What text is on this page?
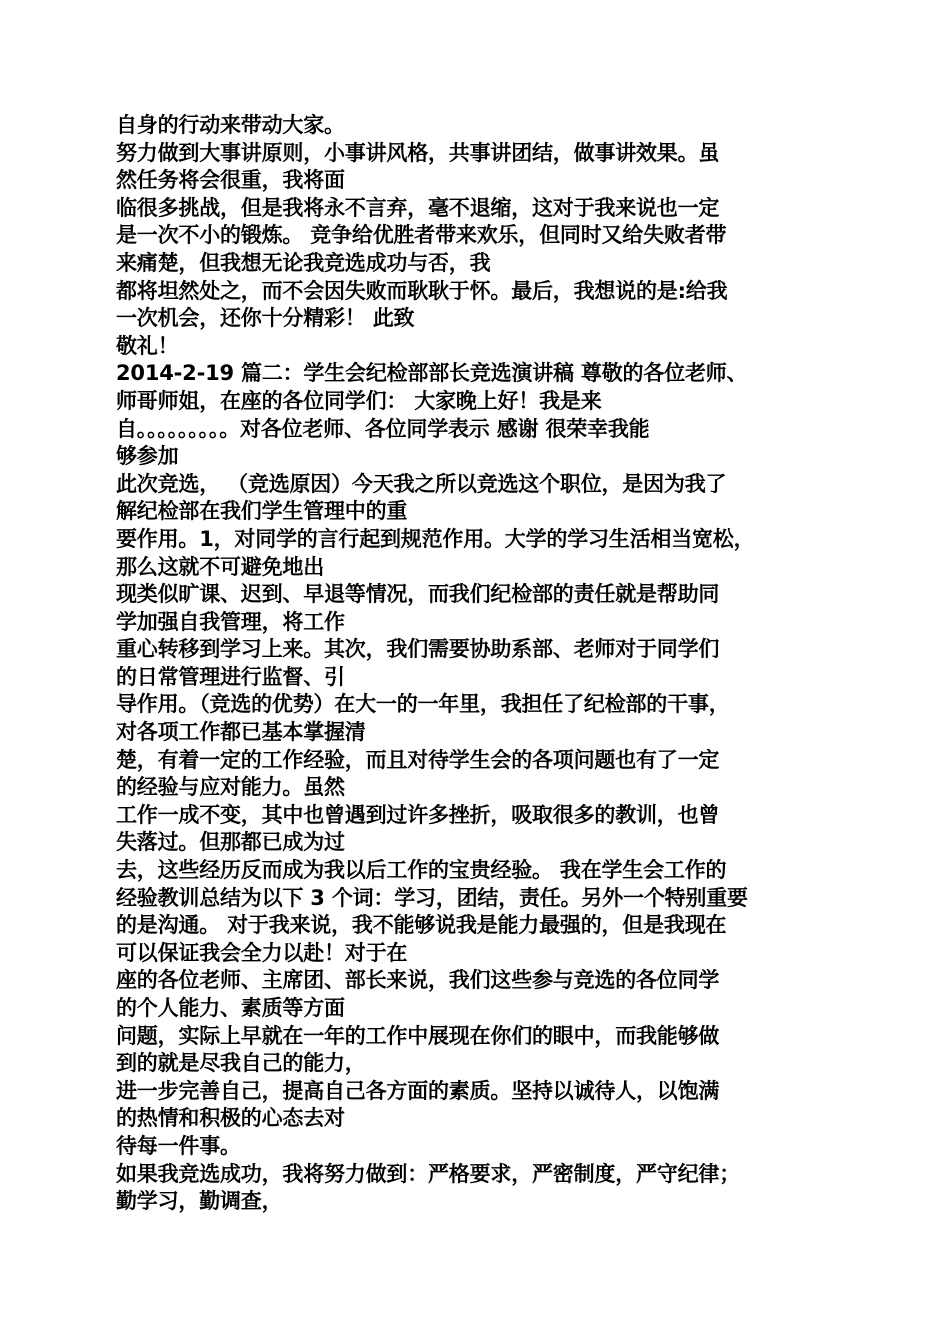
自身的行动来带动大家。
努力做到大事讲原则，小事讲风格，共事讲团结，做事讲效果。虽
然任务将会很重，我将面
临很多挑战，但是我将永不言弃，毫不退缩，这对于我来说也一定
是一次不小的锻炼。 竞争给优胜者带来欢乐，但同时又给失败者带
来痛楚，但我想无论我竞选成功与否，我
都将坦然处之，而不会因失败而耿耿于怀。最后，我想说的是:给我
一次机会，还你十分精彩！ 此致
敬礼！
2014-2-19 篇二：学生会纪检部部长竞选演讲稿 尊敬的各位老师、
师哥师姐，在座的各位同学们： 大家晚上好！我是来
自。。。。。。。。。对各位老师、各位同学表示 感谢 很荣幸我能
够参加
此次竞选， （竞选原因）今天我之所以竞选这个职位，是因为我了
解纪检部在我们学生管理中的重
要作用。1，对同学的言行起到规范作用。大学的学习生活相当宽松，
那么这就不可避免地出
现类似旷课、迟到、早退等情况，而我们纪检部的责任就是帮助同
学加强自我管理，将工作
重心转移到学习上来。其次，我们需要协助系部、老师对于同学们
的日常管理进行监督、引
导作用。（竞选的优势）在大一的一年里，我担任了纪检部的干事，
对各项工作都已基本掌握清
楚，有着一定的工作经验，而且对待学生会的各项问题也有了一定
的经验与应对能力。虽然
工作一成不变，其中也曾遇到过许多挫折，吸取很多的教训，也曾
失落过。但那都已成为过
去，这些经历反而成为我以后工作的宝贵经验。 我在学生会工作的
经验教训总结为以下 3 个词：学习，团结，责任。另外一个特别重要
的是沟通。 对于我来说，我不能够说我是能力最强的，但是我现在
可以保证我会全力以赴！对于在
座的各位老师、主席团、部长来说，我们这些参与竞选的各位同学
的个人能力、素质等方面
问题，实际上早就在一年的工作中展现在你们的眼中，而我能够做
到的就是尽我自己的能力，
进一步完善自己，提高自己各方面的素质。坚持以诚待人，以饱满
的热情和积极的心态去对
待每一件事。
如果我竞选成功，我将努力做到：严格要求，严密制度，严守纪律；
勤学习，勤调查，
